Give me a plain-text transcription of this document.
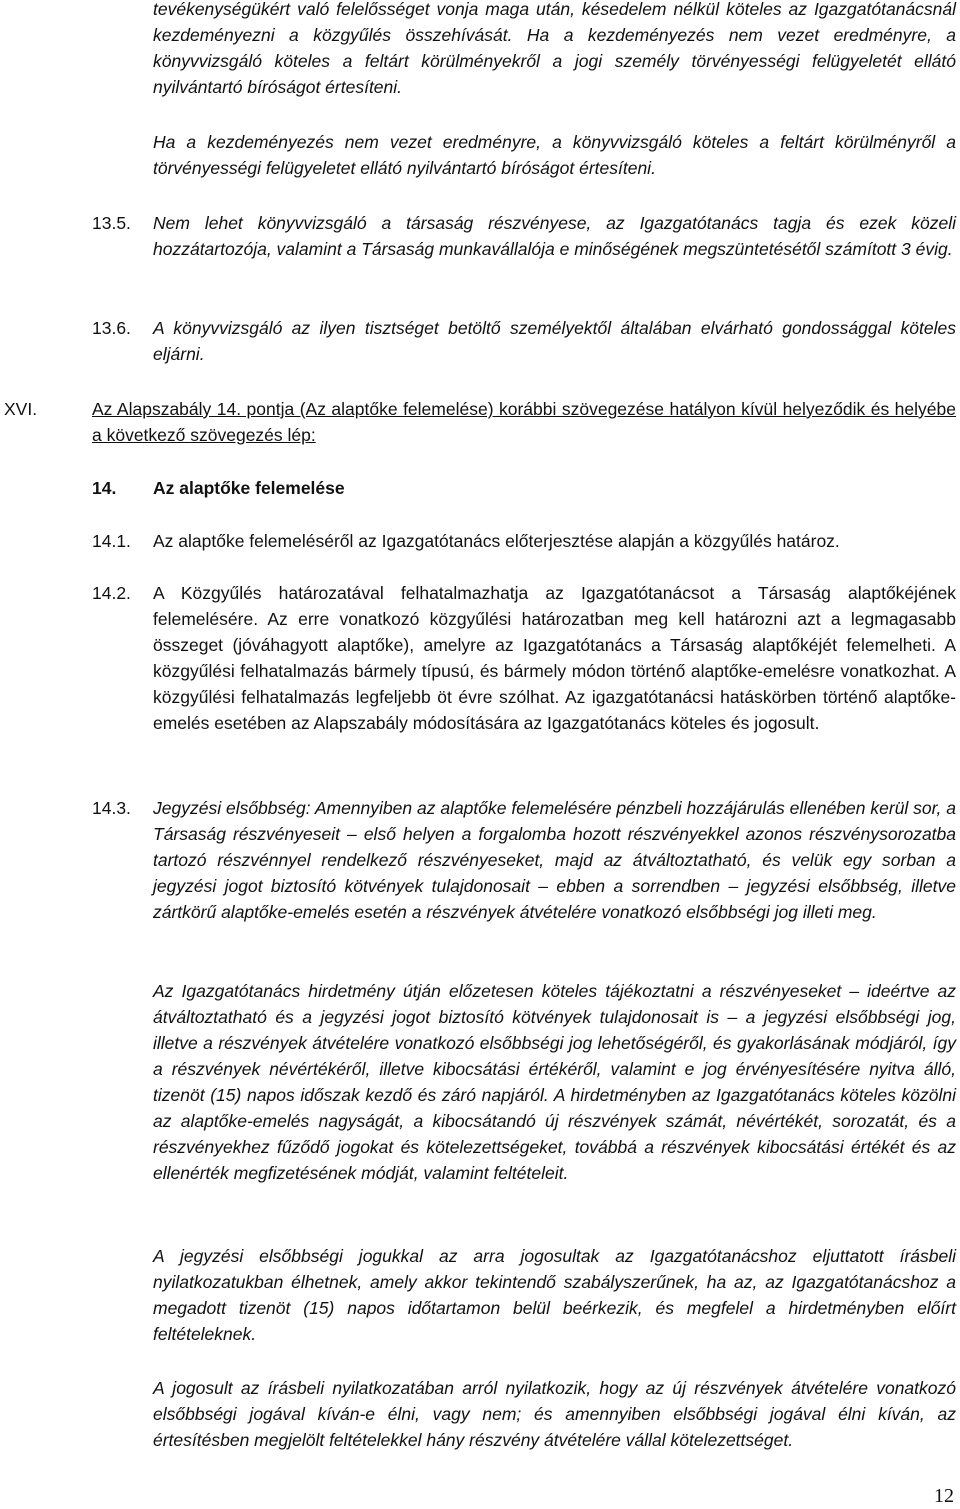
tevékenységükért való felelősséget vonja maga után, késedelem nélkül köteles az Igazgatótanácsnál kezdeményezni a közgyűlés összehívását. Ha a kezdeményezés nem vezet eredményre, a könyvvizsgáló köteles a feltárt körülményekről a jogi személy törvényességi felügyeletét ellátó nyilvántartó bíróságot értesíteni.

Ha a kezdeményezés nem vezet eredményre, a könyvvizsgáló köteles a feltárt körülményről a törvényességi felügyeletet ellátó nyilvántartó bíróságot értesíteni.

13.5. Nem lehet könyvvizsgáló a társaság részvényese, az Igazgatótanács tagja és ezek közeli hozzátartozója, valamint a Társaság munkavállalója e minőségének megszüntetésétől számított 3 évig.

13.6. A könyvvizsgáló az ilyen tisztséget betöltő személyektől általában elvárható gondossággal köteles eljárni.

XVI.	Az Alapszabály 14. pontja (Az alaptőke felemelése) korábbi szövegezése hatályon kívül helyeződik és helyébe a következő szövegezés lép:

14. Az alaptőke felemelése

14.1. Az alaptőke felemeléséről az Igazgatótanács előterjesztése alapján a közgyűlés határoz.

14.2. A Közgyűlés határozatával felhatalmazhatja az Igazgatótanácsot a Társaság alaptőkéjének felemelésére. Az erre vonatkozó közgyűlési határozatban meg kell határozni azt a legmagasabb összeget (jóváhagyott alaptőke), amelyre az Igazgatótanács a Társaság alaptőkéjét felemelheti. A közgyűlési felhatalmazás bármely típusú, és bármely módon történő alaptőke-emelésre vonatkozhat. A közgyűlési felhatalmazás legfeljebb öt évre szólhat. Az igazgatótanácsi hatáskörben történő alaptőke-emelés esetében az Alapszabály módosítására az Igazgatótanács köteles és jogosult.

14.3. Jegyzési elsőbbség: Amennyiben az alaptőke felemelésére pénzbeli hozzájárulás ellenében kerül sor, a Társaság részvényeseit – első helyen a forgalomba hozott részvényekkel azonos részvénysorozatba tartozó részvénnyel rendelkező részvényeseket, majd az átváltoztatható, és velük egy sorban a jegyzési jogot biztosító kötvények tulajdonosait – ebben a sorrendben – jegyzési elsőbbség, illetve zártkörű alaptőke-emelés esetén a részvények átvételére vonatkozó elsőbbségi jog illeti meg.

Az Igazgatótanács hirdetmény útján előzetesen köteles tájékoztatni a részvényeseket – ideértve az átváltoztatható és a jegyzési jogot biztosító kötvények tulajdonosait is – a jegyzési elsőbbségi jog, illetve a részvények átvételére vonatkozó elsőbbségi jog lehetőségéről, és gyakorlásának módjáról, így a részvények névértékéről, illetve kibocsátási értékéről, valamint e jog érvényesítésére nyitva álló, tizenöt (15) napos időszak kezdő és záró napjáról. A hirdetményben az Igazgatótanács köteles közölni az alaptőke-emelés nagyságát, a kibocsátandó új részvények számát, névértékét, sorozatát, és a részvényekhez fűződő jogokat és kötelezettségeket, továbbá a részvények kibocsátási értékét és az ellenérték megfizetésének módját, valamint feltételeit.

A jegyzési elsőbbségi jogukkal az arra jogosultak az Igazgatótanácshoz eljuttatott írásbeli nyilatkozatukban élhetnek, amely akkor tekintendő szabályszerűnek, ha az, az Igazgatótanácshoz a megadott tizenöt (15) napos időtartamon belül beérkezik, és megfelel a hirdetményben előírt feltételeknek.

A jogosult az írásbeli nyilatkozatában arról nyilatkozik, hogy az új részvények átvételére vonatkozó elsőbbségi jogával kíván-e élni, vagy nem; és amennyiben elsőbbségi jogával élni kíván, az értesítésben megjelölt feltételekkel hány részvény átvételére vállal kötelezettséget.

12
